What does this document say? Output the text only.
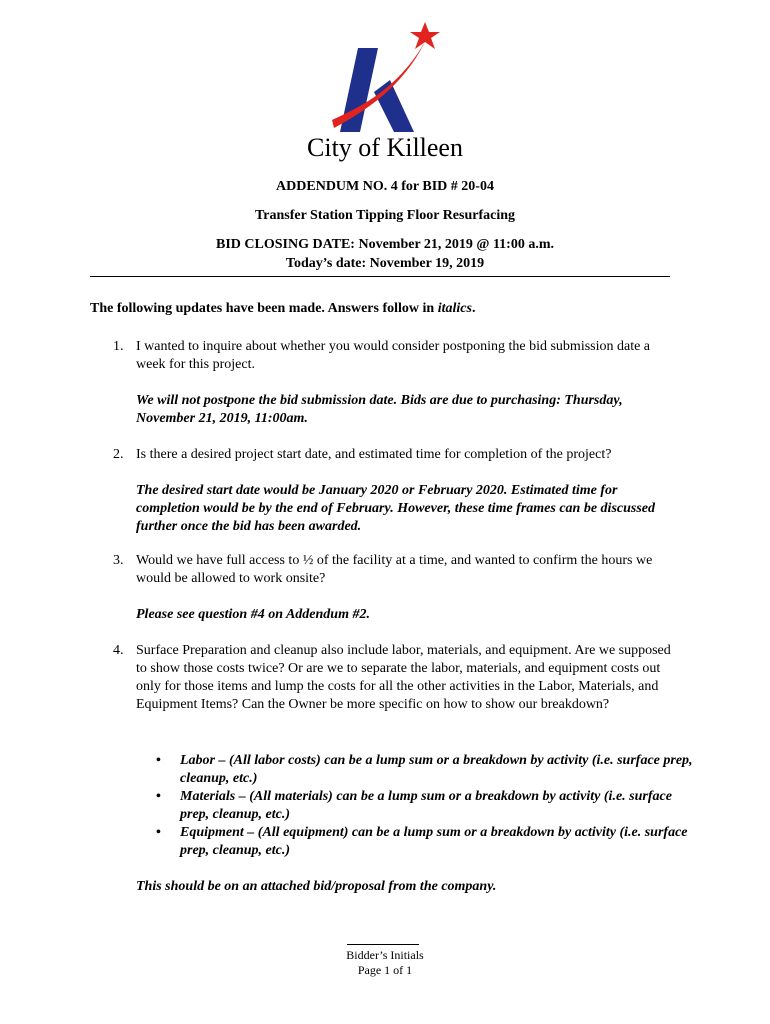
City of Killeen
ADDENDUM NO. 4 for BID # 20-04
Transfer Station Tipping Floor Resurfacing
BID CLOSING DATE: November 21, 2019 @ 11:00 a.m.
Today’s date: November 19, 2019
The following updates have been made. Answers follow in italics.
1. I wanted to inquire about whether you would consider postponing the bid submission date a week for this project.
We will not postpone the bid submission date. Bids are due to purchasing: Thursday, November 21, 2019, 11:00am.
2. Is there a desired project start date, and estimated time for completion of the project?
The desired start date would be January 2020 or February 2020. Estimated time for completion would be by the end of February. However, these time frames can be discussed further once the bid has been awarded.
3. Would we have full access to ½ of the facility at a time, and wanted to confirm the hours we would be allowed to work onsite?
Please see question #4 on Addendum #2.
4. Surface Preparation and cleanup also include labor, materials, and equipment. Are we supposed to show those costs twice? Or are we to separate the labor, materials, and equipment costs out only for those items and lump the costs for all the other activities in the Labor, Materials, and Equipment Items? Can the Owner be more specific on how to show our breakdown?
• Labor – (All labor costs) can be a lump sum or a breakdown by activity (i.e. surface prep, cleanup, etc.)
• Materials – (All materials) can be a lump sum or a breakdown by activity (i.e. surface prep, cleanup, etc.)
• Equipment – (All equipment) can be a lump sum or a breakdown by activity (i.e. surface prep, cleanup, etc.)
This should be on an attached bid/proposal from the company.
Bidder’s Initials
Page 1 of 1
